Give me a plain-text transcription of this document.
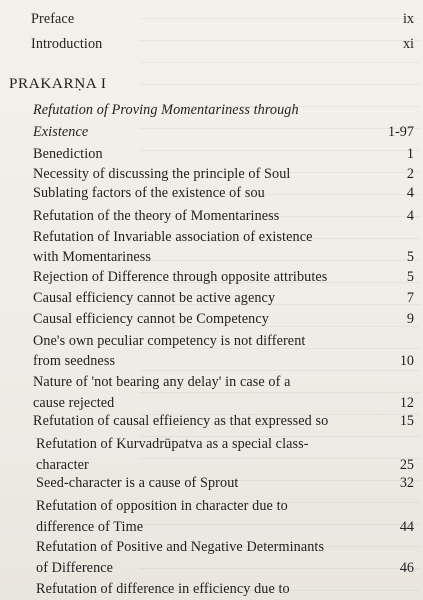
Preface	ix
Introduction	xi
PRAKARṆA I
Refutation of Proving Momentariness through
Existence	1-97
Benediction	1
Necessity of discussing the principle of Soul	2
Sublating factors of the existence of sou	4
Refutation of the theory of Momentariness	4
Refutation of Invariable association of existence
with Momentariness	5
Rejection of Difference through opposite attributes	5
Causal efficiency cannot be active agency	7
Causal efficiency cannot be Competency	9
One's own peculiar competency is not different
from seedness	10
Nature of 'not bearing any delay' in case of a
cause rejected	12
Refutation of causal effieiency as that expressed so	15
Refutation of Kurvadrūpatva as a special class-
character	25
Seed-character is a cause of Sprout	32
Refutation of opposition in character due to
difference of Time	44
Refutation of Positive and Negative Determinants
of Difference	46
Refutation of difference in efficiency due to
